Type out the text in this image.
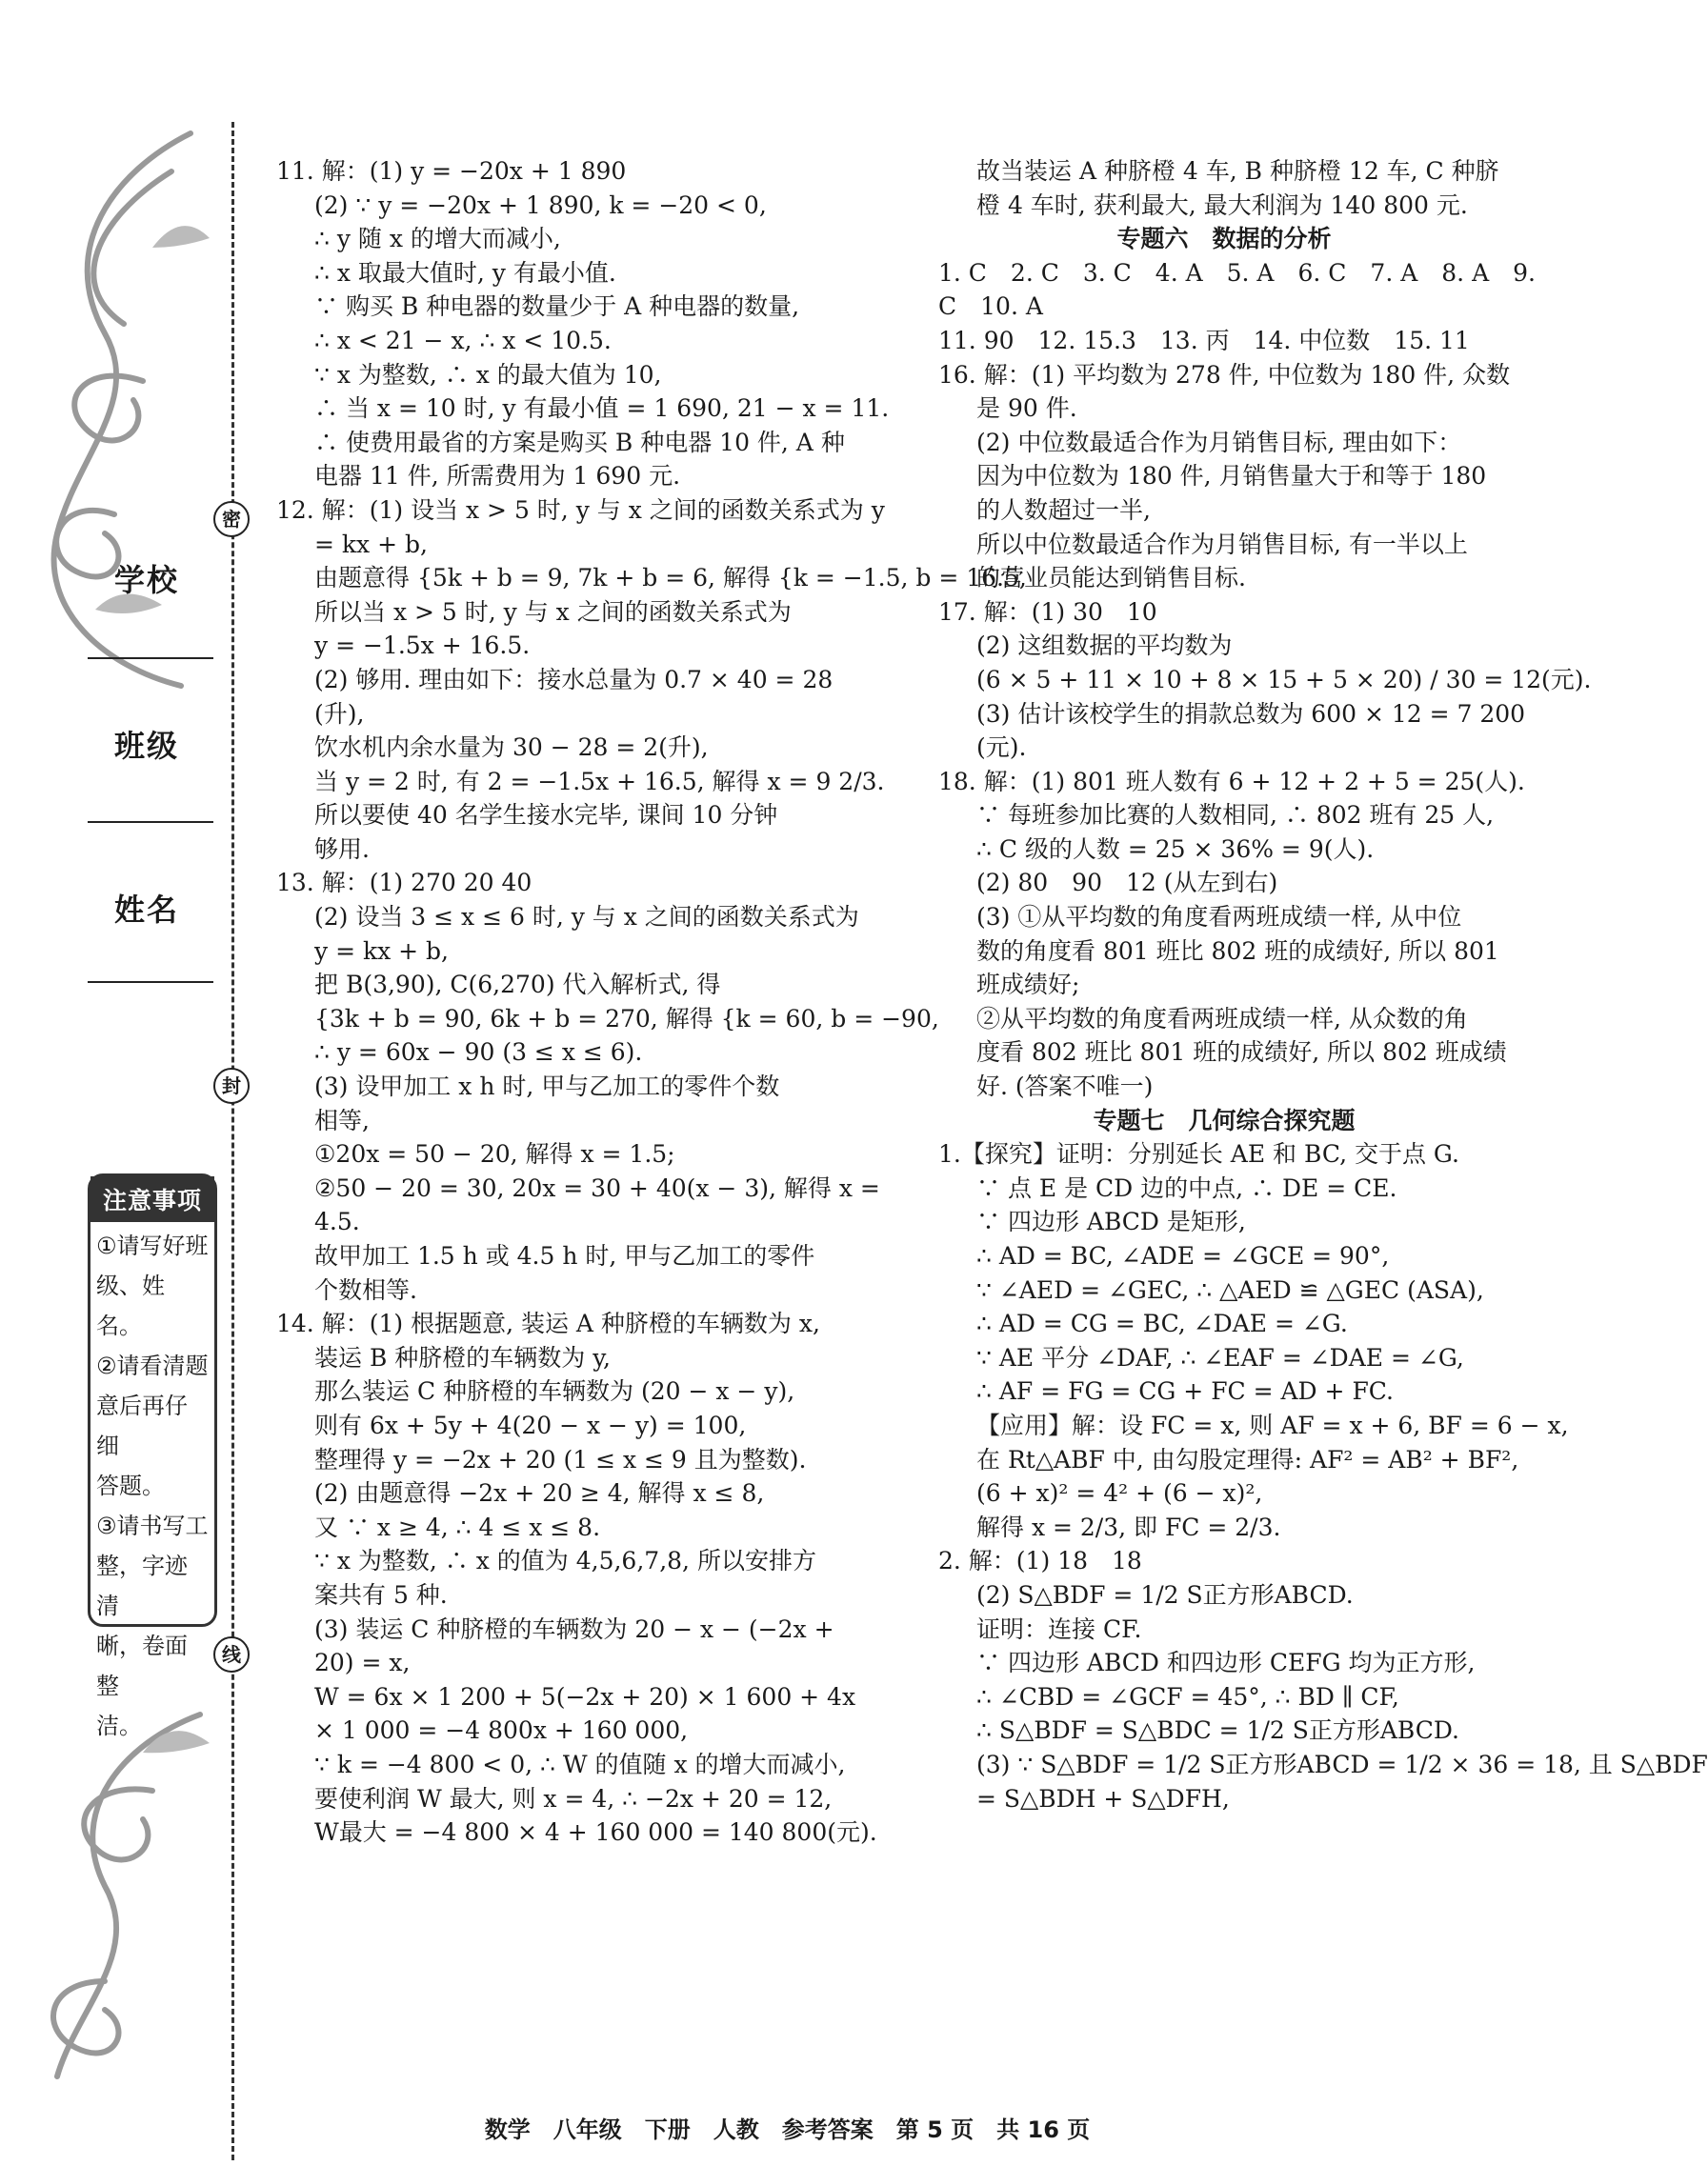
密
封
线
学校
班级
姓名
注意事项
①请写好班
级、姓名。
②请看清题
意后再仔细
答题。
③请书写工
整，字迹清
晰，卷面整
洁。
11. 解：(1) y = −20x + 1 890
(2) ∵ y = −20x + 1 890, k = −20 < 0,
∴ y 随 x 的增大而减小,
∴ x 取最大值时, y 有最小值.
∵ 购买 B 种电器的数量少于 A 种电器的数量,
∴ x < 21 − x, ∴ x < 10.5.
∵ x 为整数, ∴ x 的最大值为 10,
∴ 当 x = 10 时, y 有最小值 = 1 690, 21 − x = 11.
∴ 使费用最省的方案是购买 B 种电器 10 件, A 种
电器 11 件, 所需费用为 1 690 元.
12. 解：(1) 设当 x > 5 时, y 与 x 之间的函数关系式为 y
= kx + b,
由题意得 {5k + b = 9, 7k + b = 6, 解得 {k = −1.5, b = 16.5,
所以当 x > 5 时, y 与 x 之间的函数关系式为
y = −1.5x + 16.5.
(2) 够用. 理由如下：接水总量为 0.7 × 40 = 28
(升),
饮水机内余水量为 30 − 28 = 2(升),
当 y = 2 时, 有 2 = −1.5x + 16.5, 解得 x = 9 2/3.
所以要使 40 名学生接水完毕, 课间 10 分钟
够用.
13. 解：(1) 270 20 40
(2) 设当 3 ≤ x ≤ 6 时, y 与 x 之间的函数关系式为
y = kx + b,
把 B(3,90), C(6,270) 代入解析式, 得
{3k + b = 90, 6k + b = 270, 解得 {k = 60, b = −90,
∴ y = 60x − 90 (3 ≤ x ≤ 6).
(3) 设甲加工 x h 时, 甲与乙加工的零件个数
相等,
①20x = 50 − 20, 解得 x = 1.5;
②50 − 20 = 30, 20x = 30 + 40(x − 3), 解得 x =
4.5.
故甲加工 1.5 h 或 4.5 h 时, 甲与乙加工的零件
个数相等.
14. 解：(1) 根据题意, 装运 A 种脐橙的车辆数为 x,
装运 B 种脐橙的车辆数为 y,
那么装运 C 种脐橙的车辆数为 (20 − x − y),
则有 6x + 5y + 4(20 − x − y) = 100,
整理得 y = −2x + 20 (1 ≤ x ≤ 9 且为整数).
(2) 由题意得 −2x + 20 ≥ 4, 解得 x ≤ 8,
又 ∵ x ≥ 4, ∴ 4 ≤ x ≤ 8.
∵ x 为整数, ∴ x 的值为 4,5,6,7,8, 所以安排方
案共有 5 种.
(3) 装运 C 种脐橙的车辆数为 20 − x − (−2x +
20) = x,
W = 6x × 1 200 + 5(−2x + 20) × 1 600 + 4x
× 1 000 = −4 800x + 160 000,
∵ k = −4 800 < 0, ∴ W 的值随 x 的增大而减小,
要使利润 W 最大, 则 x = 4, ∴ −2x + 20 = 12,
W最大 = −4 800 × 4 + 160 000 = 140 800(元).
故当装运 A 种脐橙 4 车, B 种脐橙 12 车, C 种脐
橙 4 车时, 获利最大, 最大利润为 140 800 元.
专题六　数据的分析
1. C　2. C　3. C　4. A　5. A　6. C　7. A　8. A　9.
C　10. A
11. 90　12. 15.3　13. 丙　14. 中位数　15. 11
16. 解：(1) 平均数为 278 件, 中位数为 180 件, 众数
是 90 件.
(2) 中位数最适合作为月销售目标, 理由如下：
因为中位数为 180 件, 月销售量大于和等于 180
的人数超过一半,
所以中位数最适合作为月销售目标, 有一半以上
的营业员能达到销售目标.
17. 解：(1) 30　10
(2) 这组数据的平均数为
(6 × 5 + 11 × 10 + 8 × 15 + 5 × 20) / 30 = 12(元).
(3) 估计该校学生的捐款总数为 600 × 12 = 7 200
(元).
18. 解：(1) 801 班人数有 6 + 12 + 2 + 5 = 25(人).
∵ 每班参加比赛的人数相同, ∴ 802 班有 25 人,
∴ C 级的人数 = 25 × 36% = 9(人).
(2) 80　90　12 (从左到右)
(3) ①从平均数的角度看两班成绩一样, 从中位
数的角度看 801 班比 802 班的成绩好, 所以 801
班成绩好;
②从平均数的角度看两班成绩一样, 从众数的角
度看 802 班比 801 班的成绩好, 所以 802 班成绩
好. (答案不唯一)
专题七　几何综合探究题
1.【探究】证明：分别延长 AE 和 BC, 交于点 G.
∵ 点 E 是 CD 边的中点, ∴ DE = CE.
∵ 四边形 ABCD 是矩形,
∴ AD = BC, ∠ADE = ∠GCE = 90°,
∵ ∠AED = ∠GEC, ∴ △AED ≌ △GEC (ASA),
∴ AD = CG = BC, ∠DAE = ∠G.
∵ AE 平分 ∠DAF, ∴ ∠EAF = ∠DAE = ∠G,
∴ AF = FG = CG + FC = AD + FC.
【应用】解：设 FC = x, 则 AF = x + 6, BF = 6 − x,
在 Rt△ABF 中, 由勾股定理得: AF² = AB² + BF²,
(6 + x)² = 4² + (6 − x)²,
解得 x = 2/3, 即 FC = 2/3.
2. 解：(1) 18　18
(2) S△BDF = 1/2 S正方形ABCD.
证明：连接 CF.
∵ 四边形 ABCD 和四边形 CEFG 均为正方形,
∴ ∠CBD = ∠GCF = 45°, ∴ BD ∥ CF,
∴ S△BDF = S△BDC = 1/2 S正方形ABCD.
(3) ∵ S△BDF = 1/2 S正方形ABCD = 1/2 × 36 = 18, 且 S△BDF
= S△BDH + S△DFH,
数学　八年级　下册　人教　参考答案　第 5 页　共 16 页
